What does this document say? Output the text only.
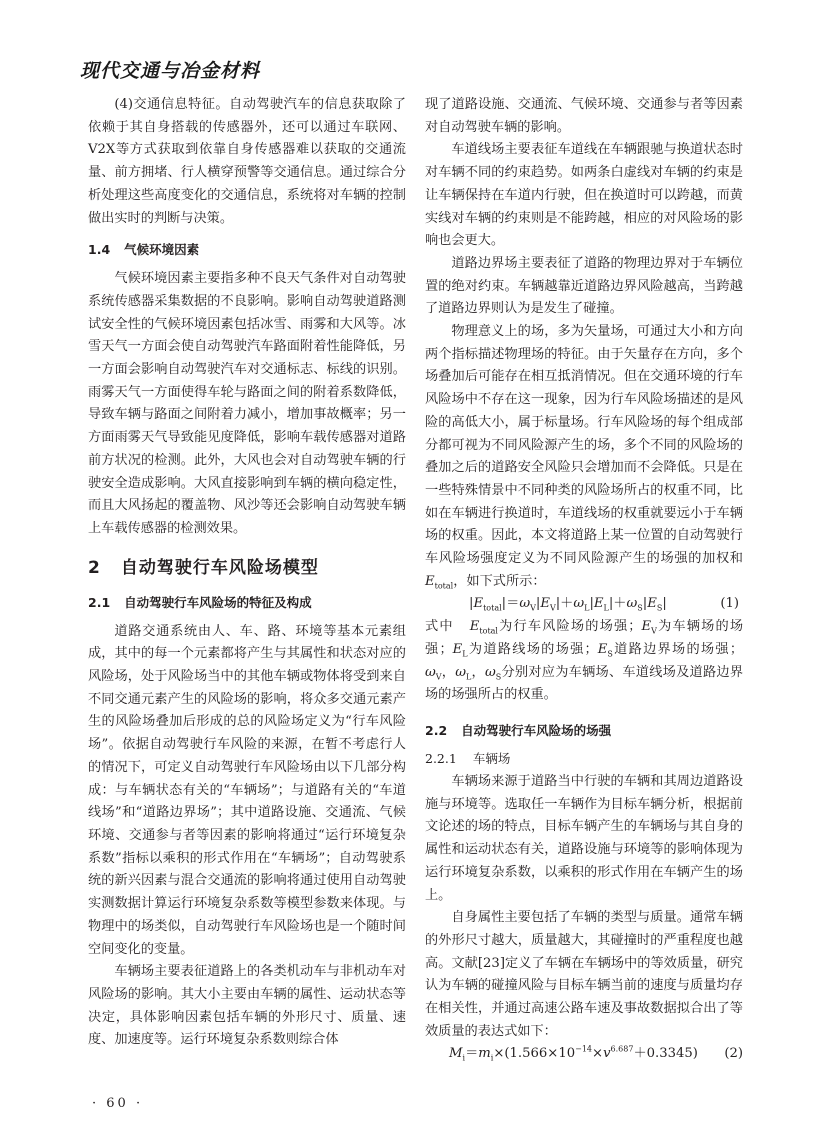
现代交通与冶金材料

(4)交通信息特征。自动驾驶汽车的信息获取除了依赖于其自身搭载的传感器外，还可以通过车联网、V2X等方式获取到依靠自身传感器难以获取的交通流量、前方拥堵、行人横穿预警等交通信息。通过综合分析处理这些高度变化的交通信息，系统将对车辆的控制做出实时的判断与决策。

1.4 气候环境因素

气候环境因素主要指多种不良天气条件对自动驾驶系统传感器采集数据的不良影响。影响自动驾驶道路测试安全性的气候环境因素包括冰雪、雨雾和大风等。冰雪天气一方面会使自动驾驶汽车路面附着性能降低，另一方面会影响自动驾驶汽车对交通标志、标线的识别。雨雾天气一方面使得车轮与路面之间的附着系数降低，导致车辆与路面之间附着力减小，增加事故概率；另一方面雨雾天气导致能见度降低，影响车载传感器对道路前方状况的检测。此外，大风也会对自动驾驶车辆的行驶安全造成影响。大风直接影响到车辆的横向稳定性，而且大风扬起的覆盖物、风沙等还会影响自动驾驶车辆上车载传感器的检测效果。

2 自动驾驶行车风险场模型
2.1 自动驾驶行车风险场的特征及构成

道路交通系统由人、车、路、环境等基本元素组成，其中的每一个元素都将产生与其属性和状态对应的风险场，处于风险场当中的其他车辆或物体将受到来自不同交通元素产生的风险场的影响，将众多交通元素产生的风险场叠加后形成的总的风险场定义为“行车风险场”。依据自动驾驶行车风险的来源，在暂不考虑行人的情况下，可定义自动驾驶行车风险场由以下几部分构成：与车辆状态有关的“车辆场”；与道路有关的“车道线场”和“道路边界场”；其中道路设施、交通流、气候环境、交通参与者等因素的影响将通过“运行环境复杂系数”指标以乘积的形式作用在“车辆场”；自动驾驶系统的新兴因素与混合交通流的影响将通过使用自动驾驶实测数据计算运行环境复杂系数等模型参数来体现。与物理中的场类似，自动驾驶行车风险场也是一个随时间空间变化的变量。

车辆场主要表征道路上的各类机动车与非机动车对风险场的影响。其大小主要由车辆的属性、运动状态等决定，具体影响因素包括车辆的外形尺寸、质量、速度、加速度等。运行环境复杂系数则综合体

现了道路设施、交通流、气候环境、交通参与者等因素对自动驾驶车辆的影响。

车道线场主要表征车道线在车辆跟驰与换道状态时对车辆不同的约束趋势。如两条白虚线对车辆的约束是让车辆保持在车道内行驶，但在换道时可以跨越，而黄实线对车辆的约束则是不能跨越，相应的对风险场的影响也会更大。

道路边界场主要表征了道路的物理边界对于车辆位置的绝对约束。车辆越靠近道路边界风险越高，当跨越了道路边界则认为是发生了碰撞。

物理意义上的场，多为矢量场，可通过大小和方向两个指标描述物理场的特征。由于矢量存在方向，多个场叠加后可能存在相互抵消情况。但在交通环境的行车风险场中不存在这一现象，因为行车风险场描述的是风险的高低大小，属于标量场。行车风险场的每个组成部分都可视为不同风险源产生的场，多个不同的风险场的叠加之后的道路安全风险只会增加而不会降低。只是在一些特殊情景中不同种类的风险场所占的权重不同，比如在车辆进行换道时，车道线场的权重就要远小于车辆场的权重。因此，本文将道路上某一位置的自动驾驶行车风险场强度定义为不同风险源产生的场强的加权和$E_{total}$，如下式所示：

$|E_{total}|=\omega_V|E_V|+\omega_L|E_L|+\omega_S|E_S|$	(1)

式中 $E_{total}$为行车风险场的场强；$E_V$为车辆场的场强；$E_L$为道路线场的场强；$E_S$道路边界场的场强；$\omega_V$，$\omega_L$，$\omega_S$分别对应为车辆场、车道线场及道路边界场的场强所占的权重。

2.2 自动驾驶行车风险场的场强
2.2.1 车辆场

车辆场来源于道路当中行驶的车辆和其周边道路设施与环境等。选取任一车辆作为目标车辆分析，根据前文论述的场的特点，目标车辆产生的车辆场与其自身的属性和运动状态有关，道路设施与环境等的影响体现为运行环境复杂系数，以乘积的形式作用在车辆产生的场上。

自身属性主要包括了车辆的类型与质量。通常车辆的外形尺寸越大，质量越大，其碰撞时的严重程度也越高。文献[23]定义了车辆在车辆场中的等效质量，研究认为车辆的碰撞风险与目标车辆当前的速度与质量均存在相关性，并通过高速公路车速及事故数据拟合出了等效质量的表达式如下：

$M_i=m_i\times(1.566\times 10^{-14}\times v^{6.687}+0.3345)$ (2)
· 60 ·
